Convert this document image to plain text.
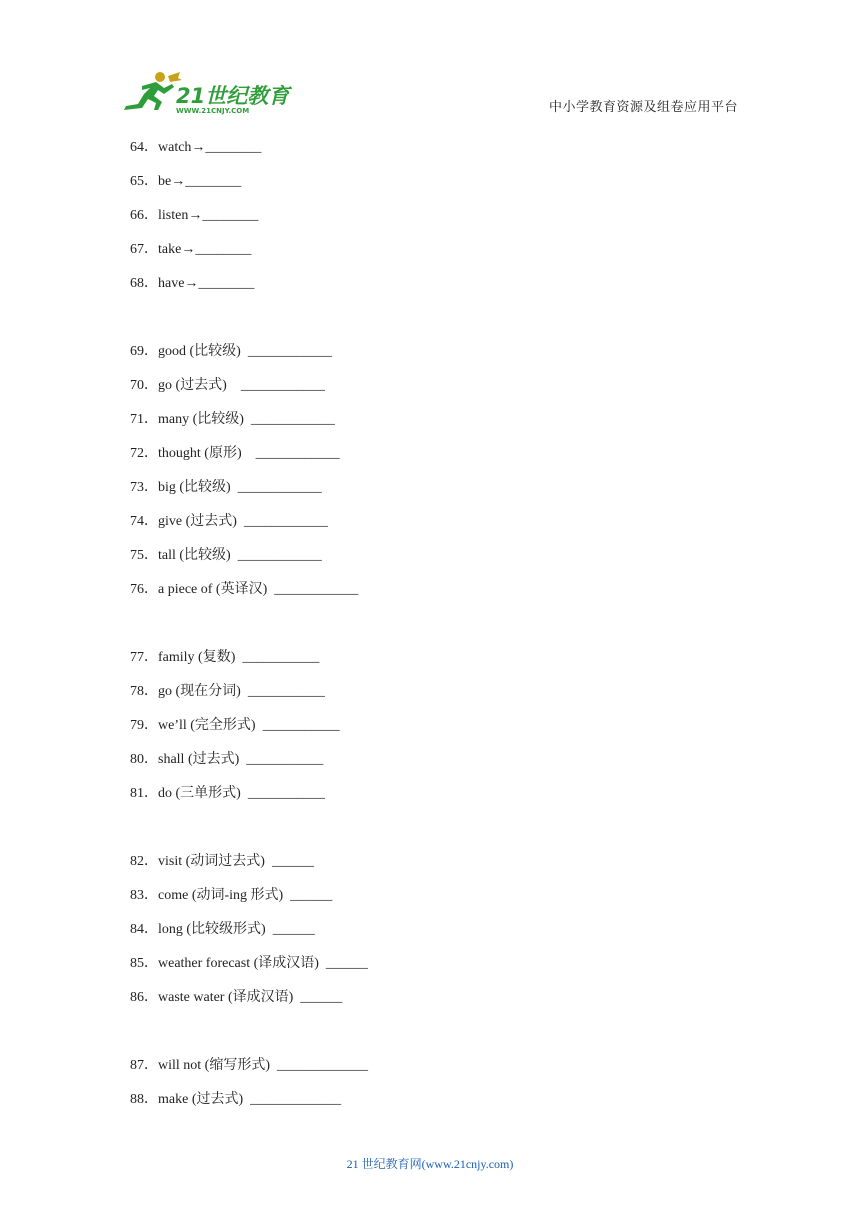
21世纪教育
WWW.21CNJY.COM	中小学教育资源及组卷应用平台
64．watch→________
65．be→________
66．listen→________
67．take→________
68．have→________
69．good (比较级)  ____________
70．go (过去式)    ____________
71．many (比较级)  ____________
72．thought (原形)    ____________
73．big (比较级)  ____________
74．give (过去式)  ____________
75．tall (比较级)  ____________
76．a piece of (英译汉)  ____________
77．family (复数)  ___________
78．go (现在分词)  ___________
79．we’ll (完全形式)  ___________
80．shall (过去式)  ___________
81．do (三单形式)  ___________
82．visit (动词过去式)  ______
83．come (动词-ing 形式)  ______
84．long (比较级形式)  ______
85．weather forecast (译成汉语)  ______
86．waste water (译成汉语)  ______
87．will not (缩写形式)  _____________
88．make (过去式)  _____________
21 世纪教育网(www.21cnjy.com)
